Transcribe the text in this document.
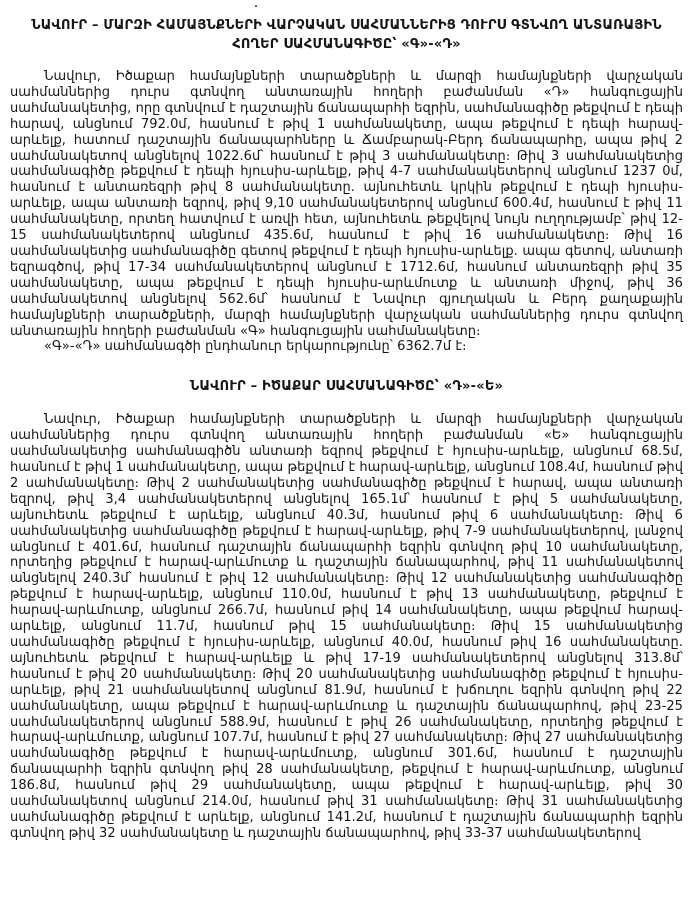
ՆԱՎՈՒՐ – ՄԱՐԶԻ ՀԱՄԱՅՆՔՆԵՐԻ ՎԱՐՉԱԿԱՆ ՍԱՀՄԱՆՆԵՐԻՑ ԴՈՒՐՍ ԳՏՆՎՈՂ ԱՆՏԱՌԱՅԻՆ ՀՈՂԵՐ ՍԱՀՄԱՆԱԳԻԾԸ՝ «Գ»-«Դ»

Նավուր, Իծաքար համայնքների տարածքների և մարզի համայնքների վարչական սահմաններից դուրս գտնվող անտառային հողերի բաժանման «Դ» հանգուցային սահմանակետից, որը գտնվում է դաշտային ճանապարհի եզրին, սահմանագիծը թեքվում է դեպի հարավ, անցնում 792.0մ, հասնում է թիվ 1 սահմանակետը, ապա թեքվում է դեպի հարավ-արևելք, հատում դաշտային ճանապարհները և Ճամբարակ-Բերդ ճանապարհը, ապա թիվ 2 սահմանակետով անցնելով 1022.6մ՝ հասնում է թիվ 3 սահմանակետը։ Թիվ 3 սահմանակետից սահմանագիծը թեքվում է դեպի հյուսիս-արևելք, թիվ 4-7 սահմանակետերով անցնում 1237 0մ, հասնում է անտառեզրի թիվ 8 սահմանակետը. այնուհետև կրկին թեքվում է դեպի հյուսիս-արևելք, ապա անտառի եզրով, թիվ 9,10 սահմանակետերով անցնում 600.4մ, հասնում է թիվ 11 սահմանակետը, որտեղ հատվում է առվի հետ, այնուհետև թեքվելով նույն ուղղությամբ՝ թիվ 12-15 սահմանակետերով անցնում 435.6մ, հասնում է թիվ 16 սահմանակետը։ Թիվ 16 սահմանակետից սահմանագիծը գետով թեքվում է դեպի հյուսիս-արևելք. ապա գետով, անտառի եզրագծով, թիվ 17-34 սահմանակետերով անցնում է 1712.6մ, հասնում անտառեզրի թիվ 35 սահմանակետը, ապա թեքվում է դեպի հյուսիս-արևմուտք և անտառի միջով, թիվ 36 սահմանակետով անցնելով 562.6մ՝ հասնում է Նավուր գյուղական և Բերդ քաղաքային համայնքների տարածքների, մարզի համայնքների վարչական սահմաններից դուրս գտնվող անտառային հողերի բաժանման «Գ» հանգուցային սահմանակետը։

«Գ»-«Դ» սահմանագծի ընդհանուր երկարությունը՝ 6362.7մ է։

ՆԱՎՈՒՐ – ԻԾԱՔԱՐ ՍԱՀՄԱՆԱԳԻԾԸ՝ «Դ»-«Ե»

Նավուր, Իծաքար համայնքների տարածքների և մարզի համայնքների վարչական սահմաններից դուրս գտնվող անտառային հողերի բաժանման «Ե» հանգուցային սահմանակետից սահմանագիծն անտառի եզրով թեքվում է հյուսիս-արևելք, անցնում 68.5մ, հասնում է թիվ 1 սահմանակետը, ապա թեքվում է հարավ-արևելք, անցնում 108.4մ, հասնում թիվ 2 սահմանակետը։ Թիվ 2 սահմանակետից սահմանագիծը թեքվում է հարավ, ապա անտառի եզրով, թիվ 3,4 սահմանակետերով անցնելով 165.1մ՝ հասնում է թիվ 5 սահմանակետը, այնուհետև թեքվում է արևելք, անցնում 40.3մ, հասնում թիվ 6 սահմանակետը։ Թիվ 6 սահմանակետից սահմանագիծը թեքվում է հարավ-արևելք, թիվ 7-9 սահմանակետերով, լանջով անցնում է 401.6մ, հասնում դաշտային ճանապարհի եզրին գտնվող թիվ 10 սահմանակետը, որտեղից թեքվում է հարավ-արևմուտք և դաշտային ճանապարհով, թիվ 11 սահմանակետով անցնելով 240.3մ՝ հասնում է թիվ 12 սահմանակետը։ Թիվ 12 սահմանակետից սահմանագիծը թեքվում է հարավ-արևելք, անցնում 110.0մ, հասնում է թիվ 13 սահմանակետը, թեքվում է հարավ-արևմուտք, անցնում 266.7մ, հասնում թիվ 14 սահմանակետը, ապա թեքվում հարավ-արևելք, անցնում 11.7մ, հասնում թիվ 15 սահմանակետը։ Թիվ 15 սահմանակետից սահմանագիծը թեքվում է հյուսիս-արևելք, անցնում 40.0մ, հասնում թիվ 16 սահմանակետը. այնուհետև թեքվում է հարավ-արևելք և թիվ 17-19 սահմանակետերով անցնելով 313.8մ՝ հասնում է թիվ 20 սահմանակետը։ Թիվ 20 սահմանակետից սահմանագիծը թեքվում է հյուսիս-արևելք, թիվ 21 սահմանակետով անցնում 81.9մ, հասնում է խճուղու եզրին գտնվող թիվ 22 սահմանակետը, ապա թեքվում է հարավ-արևմուտք և դաշտային ճանապարհով, թիվ 23-25 սահմանակետերով անցնում 588.9մ, հասնում է թիվ 26 սահմանակետը, որտեղից թեքվում է հարավ-արևմուտք, անցնում 107.7մ, հասնում է թիվ 27 սահմանակետը։ Թիվ 27 սահմանակետից սահմանագիծը թեքվում է հարավ-արևմուտք, անցնում 301.6մ, հասնում է դաշտային ճանապարհի եզրին գտնվող թիվ 28 սահմանակետը, թեքվում է հարավ-արևմուտք, անցնում 186.8մ, հասնում թիվ 29 սահմանակետը, ապա թեքվում է հարավ-արևելք, թիվ 30 սահմանակետով անցնում 214.0մ, հասնում թիվ 31 սահմանակետը։ Թիվ 31 սահմանակետից սահմանագիծը թեքվում է արևելք, անցնում 141.2մ, հասնում է դաշտային ճանապարհի եզրին գտնվող թիվ 32 սահմանակետը և դաշտային ճանապարհով, թիվ 33-37 սահմանակետերով
